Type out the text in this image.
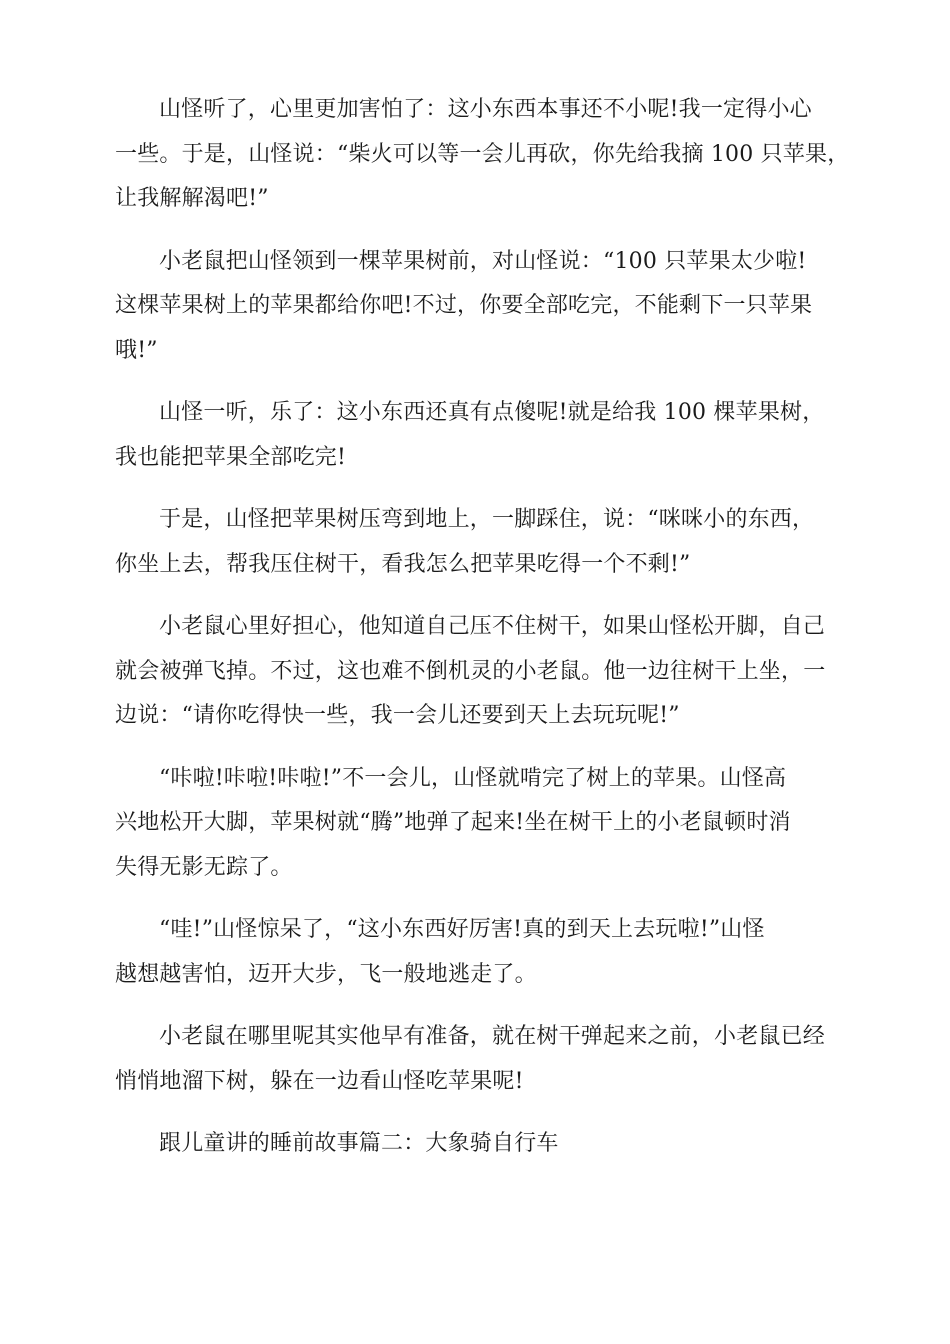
山怪听了，心里更加害怕了：这小东西本事还不小呢!我一定得小心
一些。于是，山怪说：“柴火可以等一会儿再砍，你先给我摘 100 只苹果，
让我解解渴吧!”
小老鼠把山怪领到一棵苹果树前，对山怪说：“100 只苹果太少啦!
这棵苹果树上的苹果都给你吧!不过，你要全部吃完，不能剩下一只苹果
哦!”
山怪一听，乐了：这小东西还真有点傻呢!就是给我 100 棵苹果树，
我也能把苹果全部吃完!
于是，山怪把苹果树压弯到地上，一脚踩住，说：“咪咪小的东西，
你坐上去，帮我压住树干，看我怎么把苹果吃得一个不剩!”
小老鼠心里好担心，他知道自己压不住树干，如果山怪松开脚，自己
就会被弹飞掉。不过，这也难不倒机灵的小老鼠。他一边往树干上坐，一
边说：“请你吃得快一些，我一会儿还要到天上去玩玩呢!”
“咔啦!咔啦!咔啦!”不一会儿，山怪就啃完了树上的苹果。山怪高
兴地松开大脚，苹果树就“腾”地弹了起来!坐在树干上的小老鼠顿时消
失得无影无踪了。
“哇!”山怪惊呆了，“这小东西好厉害!真的到天上去玩啦!”山怪
越想越害怕，迈开大步，飞一般地逃走了。
小老鼠在哪里呢其实他早有准备，就在树干弹起来之前，小老鼠已经
悄悄地溜下树，躲在一边看山怪吃苹果呢!
跟儿童讲的睡前故事篇二：大象骑自行车
